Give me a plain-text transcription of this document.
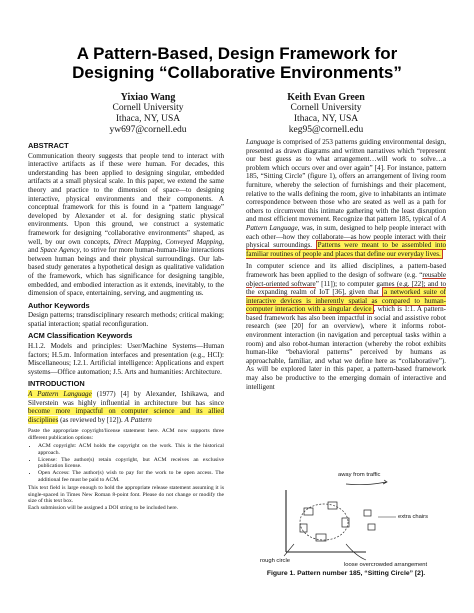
A Pattern-Based, Design Framework for
Designing “Collaborative Environments”
Yixiao Wang
Cornell University
Ithaca, NY, USA
yw697@cornell.edu
Keith Evan Green
Cornell University
Ithaca, NY, USA
keg95@cornell.edu
ABSTRACT

Communication theory suggests that people tend to interact with interactive artifacts as if these were human. For decades, this understanding has been applied to designing singular, embedded artifacts at a small physical scale. In this paper, we extend the same theory and practice to the dimension of space—to designing interactive, physical environments and their components. A conceptual framework for this is found in a “pattern language” developed by Alexander et al. for designing static physical environments. Upon this ground, we construct a systematic framework for designing “collaborative environments” shaped, as well, by our own concepts, Direct Mapping, Conveyed Mapping, and Space Agency, to strive for more human-human-like interactions between human beings and their physical surroundings. Our lab-based study generates a hypothetical design as qualitative validation of the framework, which has significance for designing tangible, embedded, and embodied interaction as it extends, inevitably, to the dimension of space, entertaining, serving, and augmenting us.

Author Keywords

Design patterns; transdisciplinary research methods; critical making; spatial interaction; spatial reconfiguration.

ACM Classification Keywords

H.1.2. Models and principles: User/Machine Systems—Human factors; H.5.m. Information interfaces and presentation (e.g., HCI): Miscellaneous; I.2.1. Artificial intelligence: Applications and expert systems—Office automation; J.5. Arts and humanities: Architecture.

INTRODUCTION

A Pattern Language (1977) [4] by Alexander, Ishikawa, and Silverstein was highly influential in architecture but has since become more impactful on computer science and its allied disciplines (as reviewed by [12]). A Pattern

Paste the appropriate copyright/license statement here. ACM now supports three different publication options:
• ACM copyright: ACM holds the copyright on the work. This is the historical approach.
• License: The author(s) retain copyright, but ACM receives an exclusive publication license.
• Open Access: The author(s) wish to pay for the work to be open access. The additional fee must be paid to ACM.
This text field is large enough to hold the appropriate release statement assuming it is single-spaced in Times New Roman 8-point font. Please do not change or modify the size of this text box.
Each submission will be assigned a DOI string to be included here.

Language is comprised of 253 patterns guiding environmental design, presented as drawn diagrams and written narratives which “represent our best guess as to what arrangement…will work to solve…a problem which occurs over and over again” [4]. For instance, pattern 185, “Sitting Circle” (figure 1), offers an arrangement of living room furniture, whereby the selection of furnishings and their placement, relative to the walls defining the room, give to inhabitants an intimate correspondence between those who are seated as well as a path for others to circumvent this intimate gathering with the least disruption and most efficient movement. Recognize that pattern 185, typical of A Pattern Language, was, in sum, designed to help people interact with each other—how they collaborate—as how people interact with their physical surroundings. Patterns were meant to be assembled into familiar routines of people and places that define our everyday lives.

In computer science and its allied disciplines, a pattern-based framework has been applied to the design of software (e.g. “reusable object-oriented software” [11]); to computer games (e.g. [22]; and to the expanding realm of IoT [36], given that a networked suite of interactive devices is inherently spatial as compared to human-computer interaction with a singular device , which is 1:1. A pattern-based framework has also been impactful in social and assistive robot research (see [20] for an overview), where it informs robot-environment interaction (in navigation and perceptual tasks within a room) and also robot-human interaction (whereby the robot exhibits human-like “behavioral patterns” perceived by humans as approachable, familiar, and what we define here as “collaborative”). As will be explored later in this paper, a pattern-based framework may also be productive to the emerging domain of interactive and intelligent

away from traffic
extra chairs
rough circle
loose overcrowded arrangement
Figure 1. Pattern number 185, “Sitting Circle” [2].
